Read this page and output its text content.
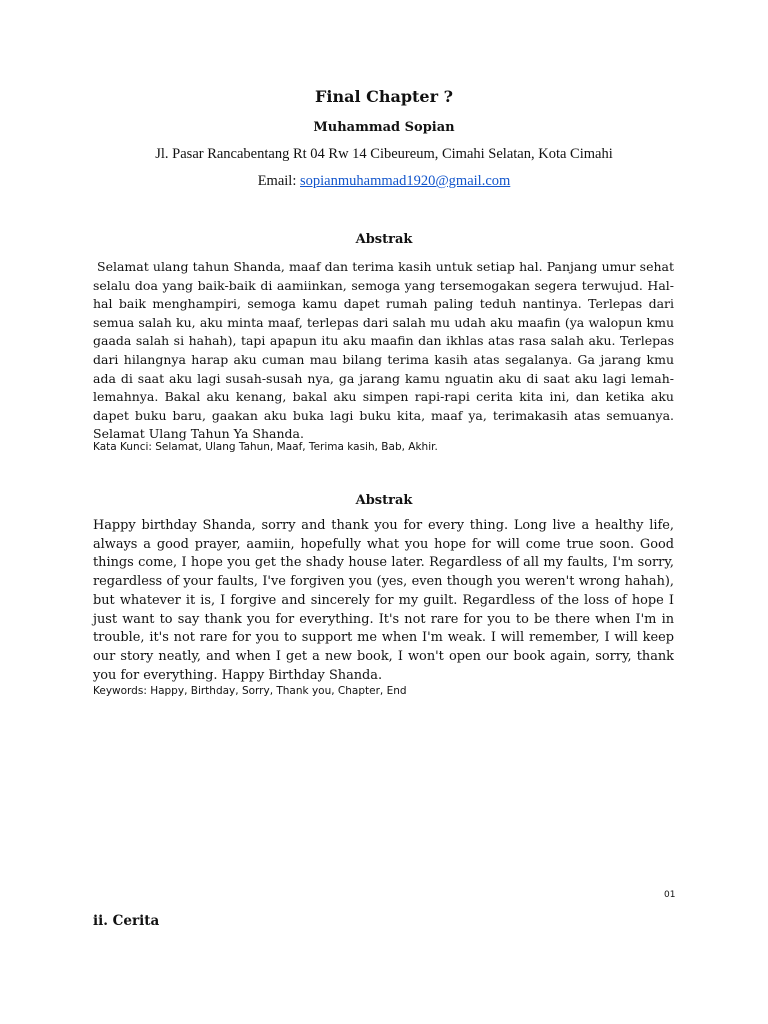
Final Chapter ?
Muhammad Sopian
Jl. Pasar Rancabentang Rt 04 Rw 14 Cibeureum, Cimahi Selatan, Kota Cimahi
Email: sopianmuhammad1920@gmail.com
Abstrak

Selamat ulang tahun Shanda, maaf dan terima kasih untuk setiap hal. Panjang umur sehat selalu doa yang baik-baik di aamiinkan, semoga yang tersemogakan segera terwujud. Hal-hal baik menghampiri, semoga kamu dapet rumah paling teduh nantinya. Terlepas dari semua salah ku, aku minta maaf, terlepas dari salah mu udah aku maafin (ya walopun kmu gaada salah si hahah), tapi apapun itu aku maafin dan ikhlas atas rasa salah aku. Terlepas dari hilangnya harap aku cuman mau bilang terima kasih atas segalanya. Ga jarang kmu ada di saat aku lagi susah-susah nya, ga jarang kamu nguatin aku di saat aku lagi lemah-lemahnya. Bakal aku kenang, bakal aku simpen rapi-rapi cerita kita ini, dan ketika aku dapet buku baru, gaakan aku buka lagi buku kita, maaf ya, terimakasih atas semuanya. Selamat Ulang Tahun Ya Shanda.

Kata Kunci: Selamat, Ulang Tahun, Maaf, Terima kasih, Bab, Akhir.
Abstrak

Happy birthday Shanda, sorry and thank you for every thing. Long live a healthy life, always a good prayer, aamiin, hopefully what you hope for will come true soon. Good things come, I hope you get the shady house later. Regardless of all my faults, I'm sorry, regardless of your faults, I've forgiven you (yes, even though you weren't wrong hahah), but whatever it is, I forgive and sincerely for my guilt. Regardless of the loss of hope I just want to say thank you for everything. It's not rare for you to be there when I'm in trouble, it's not rare for you to support me when I'm weak. I will remember, I will keep our story neatly, and when I get a new book, I won't open our book again, sorry, thank you for everything. Happy Birthday Shanda.

Keywords: Happy, Birthday, Sorry, Thank you, Chapter, End
01
ii. Cerita
